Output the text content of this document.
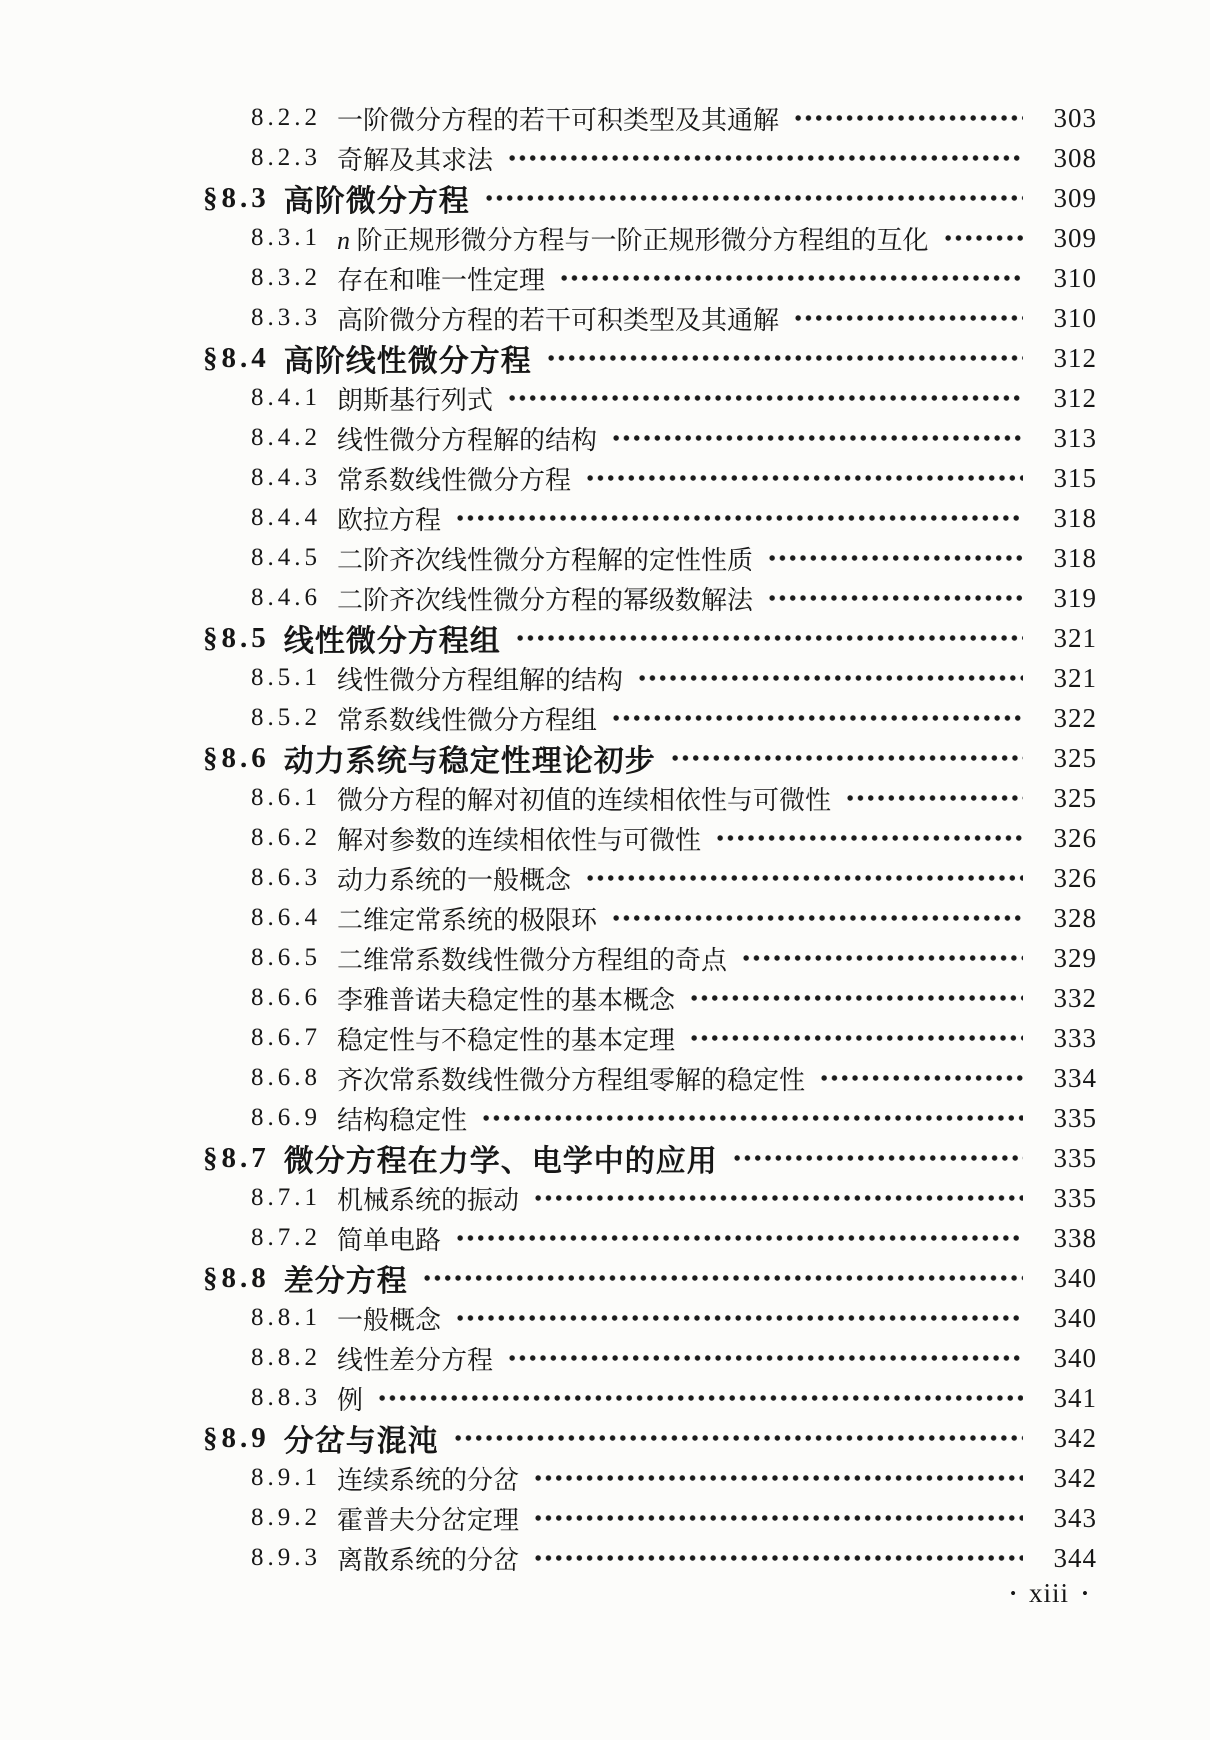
8.2.2 一阶微分方程的若干可积类型及其通解	303
8.2.3 奇解及其求法	308
§8.3 高阶微分方程	309
8.3.1 n 阶正规形微分方程与一阶正规形微分方程组的互化	309
8.3.2 存在和唯一性定理	310
8.3.3 高阶微分方程的若干可积类型及其通解	310
§8.4 高阶线性微分方程	312
8.4.1 朗斯基行列式	312
8.4.2 线性微分方程解的结构	313
8.4.3 常系数线性微分方程	315
8.4.4 欧拉方程	318
8.4.5 二阶齐次线性微分方程解的定性性质	318
8.4.6 二阶齐次线性微分方程的幂级数解法	319
§8.5 线性微分方程组	321
8.5.1 线性微分方程组解的结构	321
8.5.2 常系数线性微分方程组	322
§8.6 动力系统与稳定性理论初步	325
8.6.1 微分方程的解对初值的连续相依性与可微性	325
8.6.2 解对参数的连续相依性与可微性	326
8.6.3 动力系统的一般概念	326
8.6.4 二维定常系统的极限环	328
8.6.5 二维常系数线性微分方程组的奇点	329
8.6.6 李雅普诺夫稳定性的基本概念	332
8.6.7 稳定性与不稳定性的基本定理	333
8.6.8 齐次常系数线性微分方程组零解的稳定性	334
8.6.9 结构稳定性	335
§8.7 微分方程在力学、电学中的应用	335
8.7.1 机械系统的振动	335
8.7.2 简单电路	338
§8.8 差分方程	340
8.8.1 一般概念	340
8.8.2 线性差分方程	340
8.8.3 例	341
§8.9 分岔与混沌	342
8.9.1 连续系统的分岔	342
8.9.2 霍普夫分岔定理	343
8.9.3 离散系统的分岔	344
• xiii •
